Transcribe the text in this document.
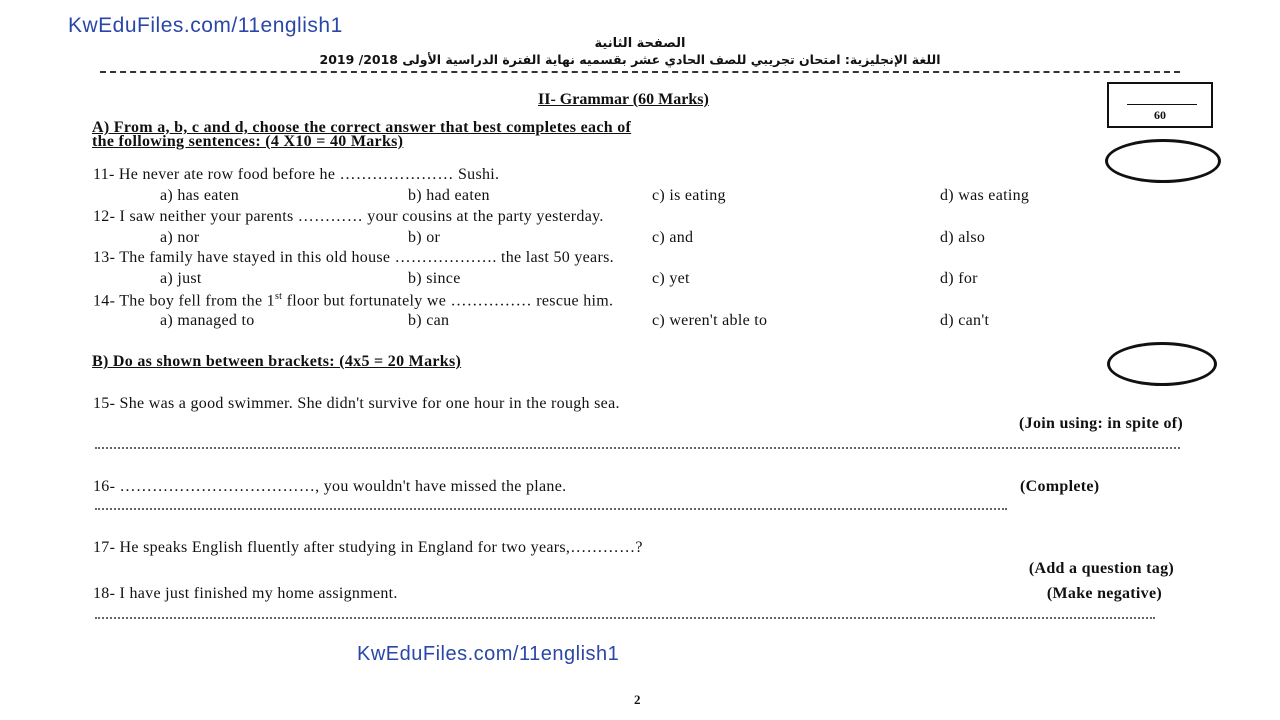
KwEduFiles.com/11english1
الصفحة الثانية
اللغة الإنجليزية: امتحان تجريبي للصف الحادي عشر بقسميه نهاية الفترة الدراسية الأولى 2018/ 2019
II- Grammar (60 Marks)
60
A) From a, b, c and d, choose the correct answer that best completes each of
the following sentences: (4 X10 = 40 Marks)
11- He never ate row food before he ………………… Sushi.
a) has eaten	b) had eaten	c) is eating	d) was eating
12- I saw neither your parents ………… your cousins at the party yesterday.
a) nor	b) or	c) and	d) also
13- The family have stayed in this old house ………………. the last 50 years.
a) just	b) since	c) yet	d) for
14- The boy fell from the 1st floor but fortunately we …………… rescue him.
a) managed to	b) can	c) weren't able to	d) can't
B) Do as shown between brackets: (4x5 = 20 Marks)
15- She was a good swimmer. She didn't survive for one hour in the rough sea.
(Join using: in spite of)
16- ………………………………, you wouldn't have missed the plane.	(Complete)
17- He speaks English fluently after studying in England for two years,…………?
(Add a question tag)
18- I have just finished my home assignment.	(Make negative)
KwEduFiles.com/11english1
2
